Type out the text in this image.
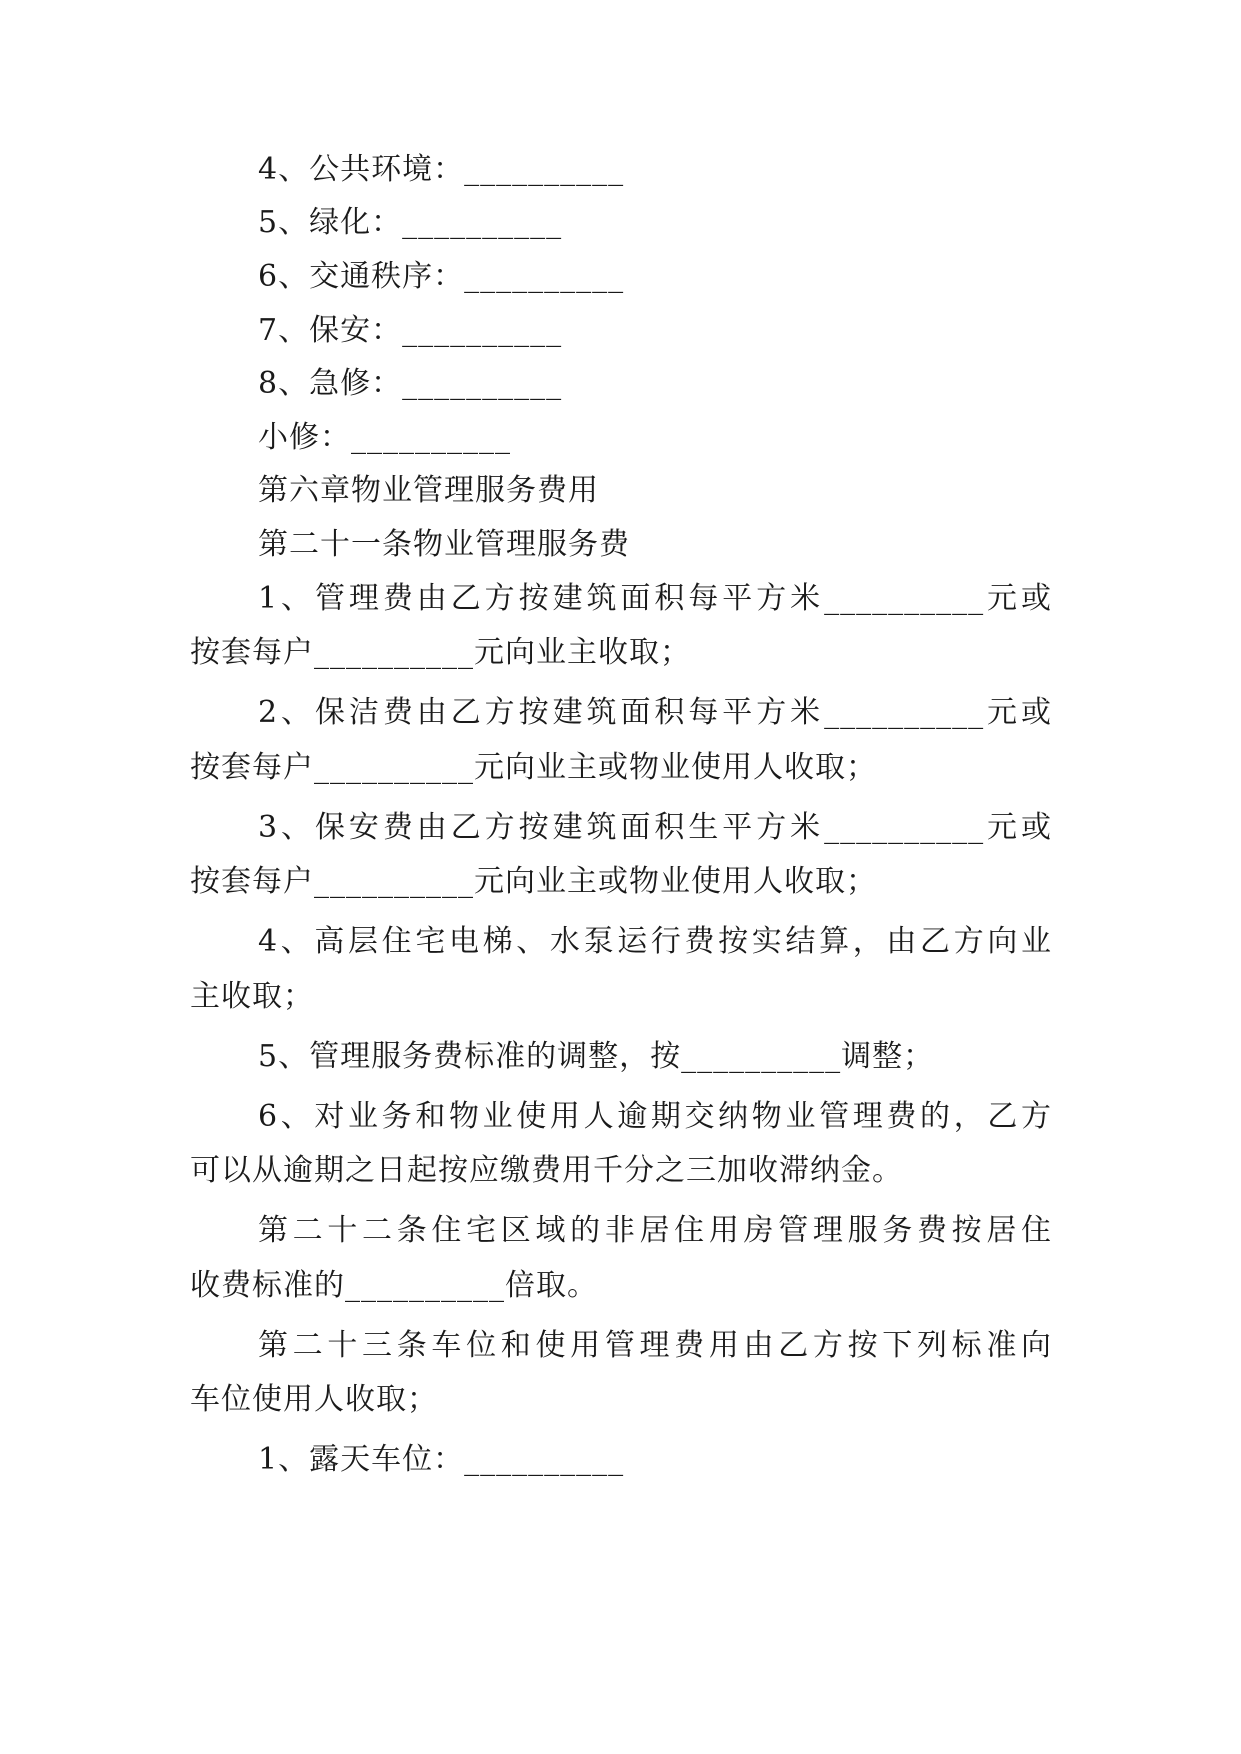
4、公共环境：__________
5、绿化：__________
6、交通秩序：__________
7、保安：__________
8、急修：__________
小修：__________
第六章物业管理服务费用
第二十一条物业管理服务费
1、管理费由乙方按建筑面积每平方米__________元或
按套每户__________元向业主收取；
2、保洁费由乙方按建筑面积每平方米__________元或
按套每户__________元向业主或物业使用人收取；
3、保安费由乙方按建筑面积生平方米__________元或
按套每户__________元向业主或物业使用人收取；
4、高层住宅电梯、水泵运行费按实结算，由乙方向业
主收取；
5、管理服务费标准的调整，按__________调整；
6、对业务和物业使用人逾期交纳物业管理费的，乙方
可以从逾期之日起按应缴费用千分之三加收滞纳金。
第二十二条住宅区域的非居住用房管理服务费按居住
收费标准的__________倍取。
第二十三条车位和使用管理费用由乙方按下列标准向
车位使用人收取；
1、露天车位：__________
